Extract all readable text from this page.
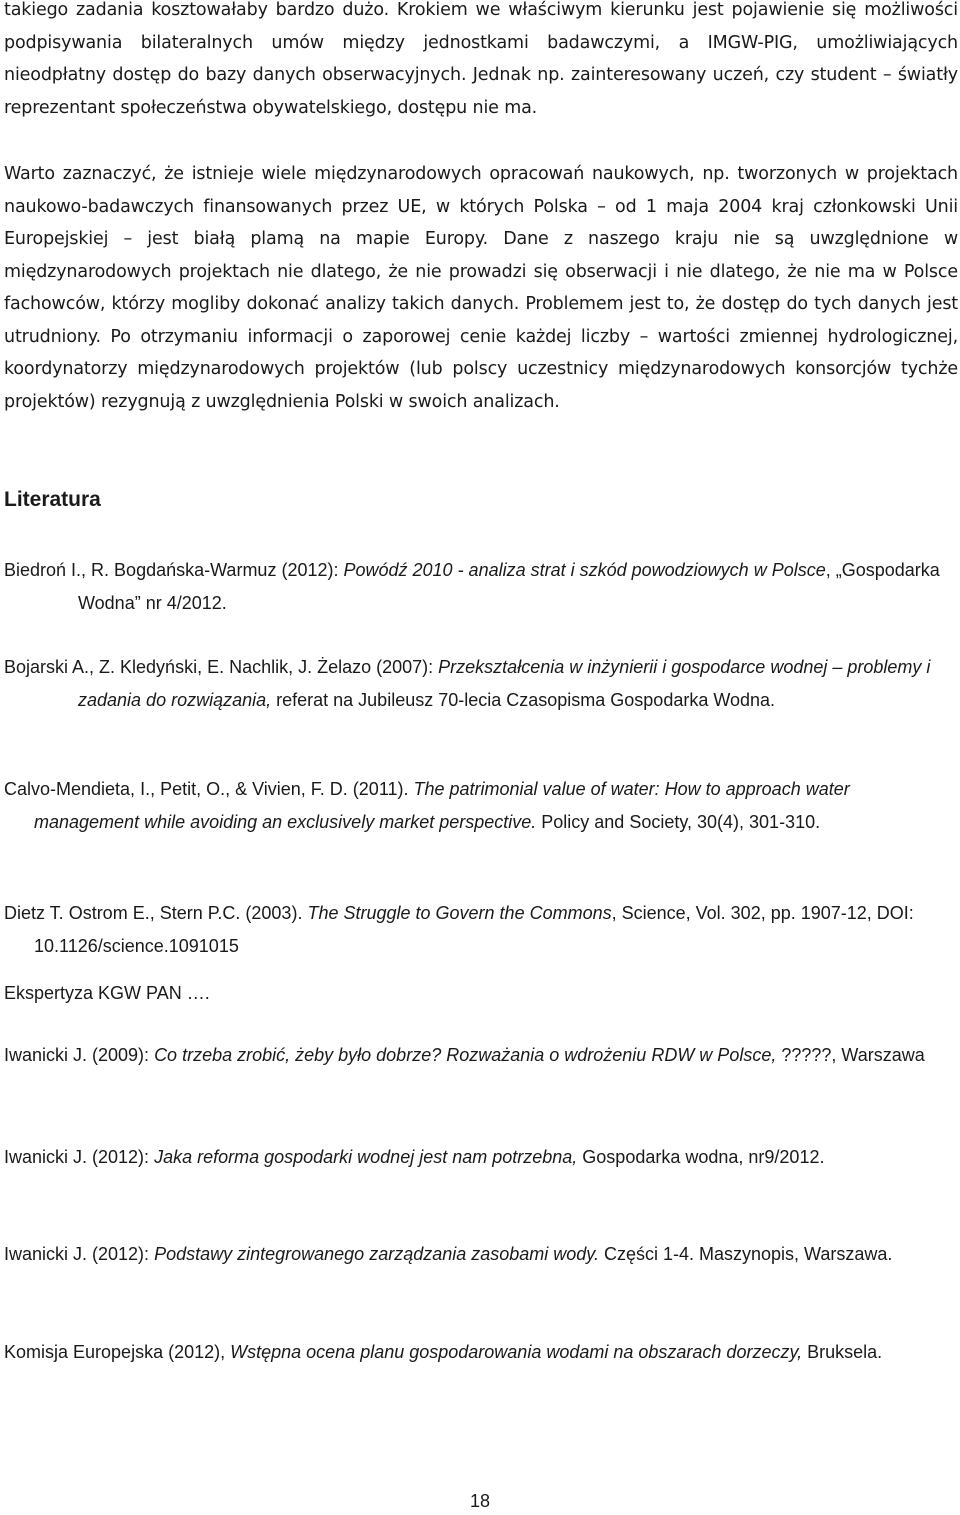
takiego zadania kosztowałaby bardzo dużo. Krokiem we właściwym kierunku jest pojawienie się możliwości podpisywania bilateralnych umów między jednostkami badawczymi, a IMGW-PIG, umożliwiających nieodpłatny dostęp do bazy danych obserwacyjnych. Jednak np. zainteresowany uczeń, czy student – światły reprezentant społeczeństwa obywatelskiego, dostępu nie ma.

Warto zaznaczyć, że istnieje wiele międzynarodowych opracowań naukowych, np. tworzonych w projektach naukowo-badawczych finansowanych przez UE, w których Polska – od 1 maja 2004 kraj członkowski Unii Europejskiej – jest białą plamą na mapie Europy. Dane z naszego kraju nie są uwzględnione w międzynarodowych projektach nie dlatego, że nie prowadzi się obserwacji i nie dlatego, że nie ma w Polsce fachowców, którzy mogliby dokonać analizy takich danych. Problemem jest to, że dostęp do tych danych jest utrudniony. Po otrzymaniu informacji o zaporowej cenie każdej liczby – wartości zmiennej hydrologicznej, koordynatorzy międzynarodowych projektów (lub polscy uczestnicy międzynarodowych konsorcjów tychże projektów) rezygnują z uwzględnienia Polski w swoich analizach.

Literatura

Biedroń I., R. Bogdańska-Warmuz (2012): Powódź 2010 - analiza strat i szkód powodziowych w Polsce, „Gospodarka Wodna” nr 4/2012.

Bojarski A., Z. Kledyński, E. Nachlik, J. Żelazo (2007): Przekształcenia w inżynierii i gospodarce wodnej – problemy i zadania do rozwiązania, referat na Jubileusz 70-lecia Czasopisma Gospodarka Wodna.

Calvo-Mendieta, I., Petit, O., & Vivien, F. D. (2011). The patrimonial value of water: How to approach water management while avoiding an exclusively market perspective. Policy and Society, 30(4), 301-310.

Dietz T. Ostrom E., Stern P.C. (2003). The Struggle to Govern the Commons, Science, Vol. 302, pp. 1907-12, DOI: 10.1126/science.1091015

Ekspertyza KGW PAN ….

Iwanicki J. (2009): Co trzeba zrobić, żeby było dobrze? Rozważania o wdrożeniu RDW w Polsce, ?????, Warszawa

Iwanicki J. (2012): Jaka reforma gospodarki wodnej jest nam potrzebna, Gospodarka wodna, nr9/2012.

Iwanicki J. (2012): Podstawy zintegrowanego zarządzania zasobami wody. Części 1-4. Maszynopis, Warszawa.

Komisja Europejska (2012), Wstępna ocena planu gospodarowania wodami na obszarach dorzeczy, Bruksela.

18
